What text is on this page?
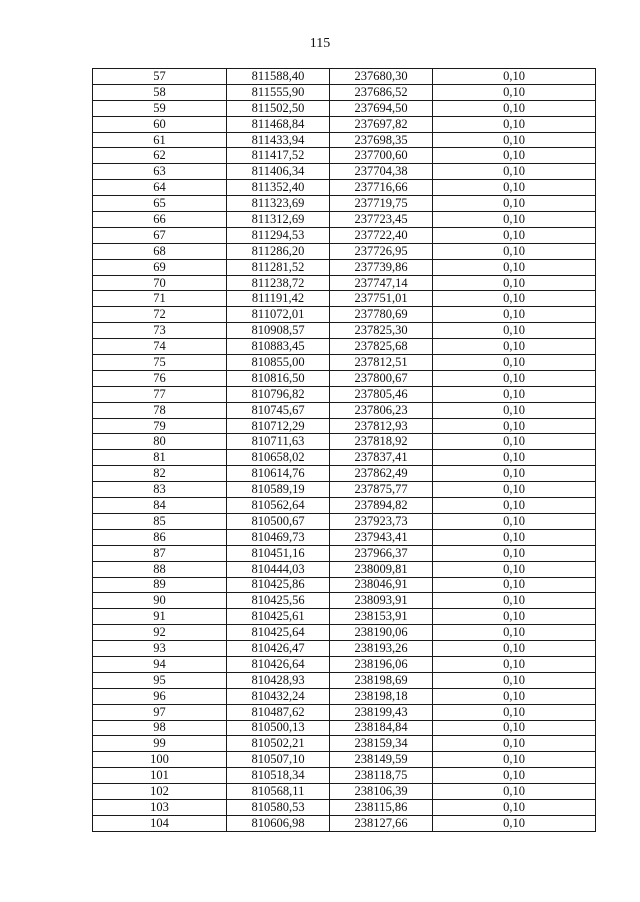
115
57	811588,40	237680,30	0,10
58	811555,90	237686,52	0,10
59	811502,50	237694,50	0,10
60	811468,84	237697,82	0,10
61	811433,94	237698,35	0,10
62	811417,52	237700,60	0,10
63	811406,34	237704,38	0,10
64	811352,40	237716,66	0,10
65	811323,69	237719,75	0,10
66	811312,69	237723,45	0,10
67	811294,53	237722,40	0,10
68	811286,20	237726,95	0,10
69	811281,52	237739,86	0,10
70	811238,72	237747,14	0,10
71	811191,42	237751,01	0,10
72	811072,01	237780,69	0,10
73	810908,57	237825,30	0,10
74	810883,45	237825,68	0,10
75	810855,00	237812,51	0,10
76	810816,50	237800,67	0,10
77	810796,82	237805,46	0,10
78	810745,67	237806,23	0,10
79	810712,29	237812,93	0,10
80	810711,63	237818,92	0,10
81	810658,02	237837,41	0,10
82	810614,76	237862,49	0,10
83	810589,19	237875,77	0,10
84	810562,64	237894,82	0,10
85	810500,67	237923,73	0,10
86	810469,73	237943,41	0,10
87	810451,16	237966,37	0,10
88	810444,03	238009,81	0,10
89	810425,86	238046,91	0,10
90	810425,56	238093,91	0,10
91	810425,61	238153,91	0,10
92	810425,64	238190,06	0,10
93	810426,47	238193,26	0,10
94	810426,64	238196,06	0,10
95	810428,93	238198,69	0,10
96	810432,24	238198,18	0,10
97	810487,62	238199,43	0,10
98	810500,13	238184,84	0,10
99	810502,21	238159,34	0,10
100	810507,10	238149,59	0,10
101	810518,34	238118,75	0,10
102	810568,11	238106,39	0,10
103	810580,53	238115,86	0,10
104	810606,98	238127,66	0,10
